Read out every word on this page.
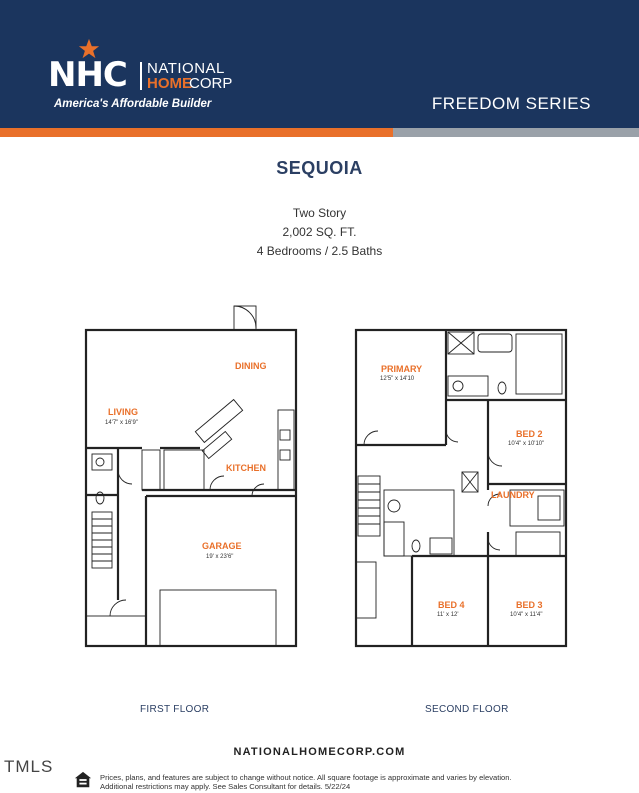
NHC NATIONAL
HOME
CORP
America's Affordable Builder	FREEDOM SERIES
SEQUOIA
Two Story
2,002 SQ. FT.
4 Bedrooms / 2.5 Baths
DINING
LIVING
14'7" x 16'9"
KITCHEN
GARAGE
19' x 23'6"
PRIMARY
12'5" x 14'10
BED 2
10'4" x 10'10"
LAUNDRY
BED 4
11' x 12'
BED 3
10'4" x 11'4"
FIRST FLOOR	SECOND FLOOR
NATIONALHOMECORP.COM
TMLS
Prices, plans, and features are subject to change without notice. All square footage is approximate and varies by elevation.
Additional restrictions may apply. See Sales Consultant for details. 5/22/24
